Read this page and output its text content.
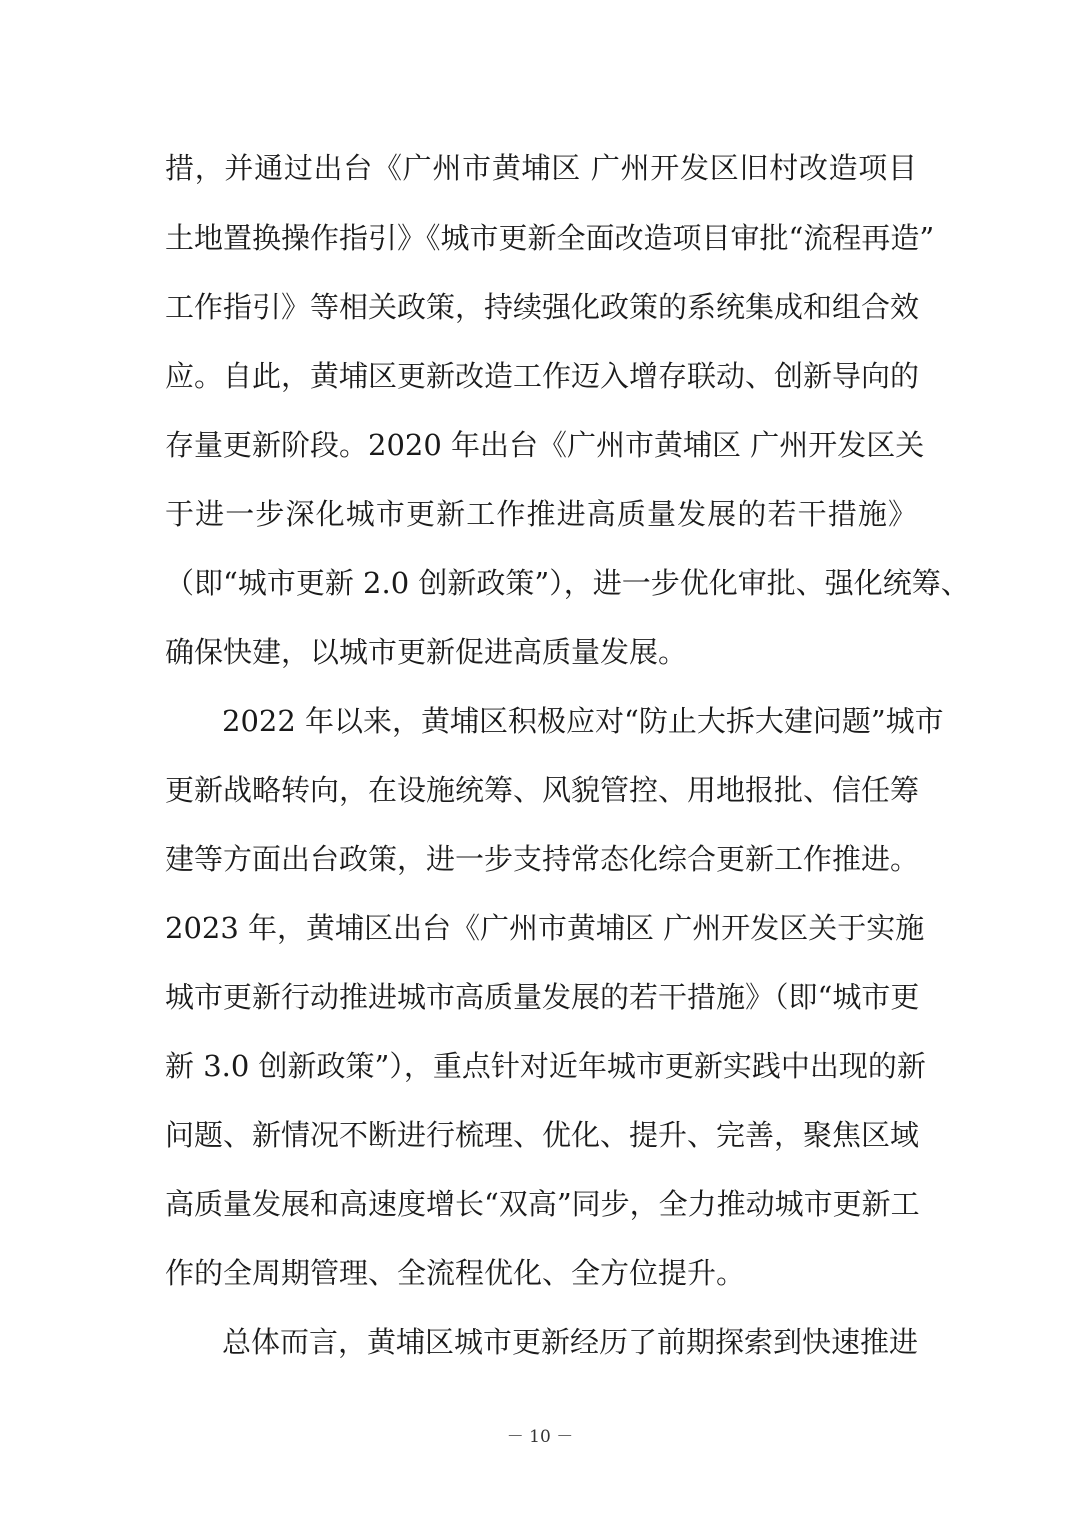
措，并通过出台《广州市黄埔区 广州开发区旧村改造项目
土地置换操作指引》《城市更新全面改造项目审批“流程再造”
工作指引》等相关政策，持续强化政策的系统集成和组合效
应。自此，黄埔区更新改造工作迈入增存联动、创新导向的
存量更新阶段。2020 年出台《广州市黄埔区 广州开发区关
于进一步深化城市更新工作推进高质量发展的若干措施》
（即“城市更新 2.0 创新政策”），进一步优化审批、强化统筹、
确保快建，以城市更新促进高质量发展。
2022 年以来，黄埔区积极应对“防止大拆大建问题”城市
更新战略转向，在设施统筹、风貌管控、用地报批、信任筹
建等方面出台政策，进一步支持常态化综合更新工作推进。
2023 年，黄埔区出台《广州市黄埔区 广州开发区关于实施
城市更新行动推进城市高质量发展的若干措施》（即“城市更
新 3.0 创新政策”），重点针对近年城市更新实践中出现的新
问题、新情况不断进行梳理、优化、提升、完善，聚焦区域
高质量发展和高速度增长“双高”同步，全力推动城市更新工
作的全周期管理、全流程优化、全方位提升。
总体而言，黄埔区城市更新经历了前期探索到快速推进
－ 10 －
